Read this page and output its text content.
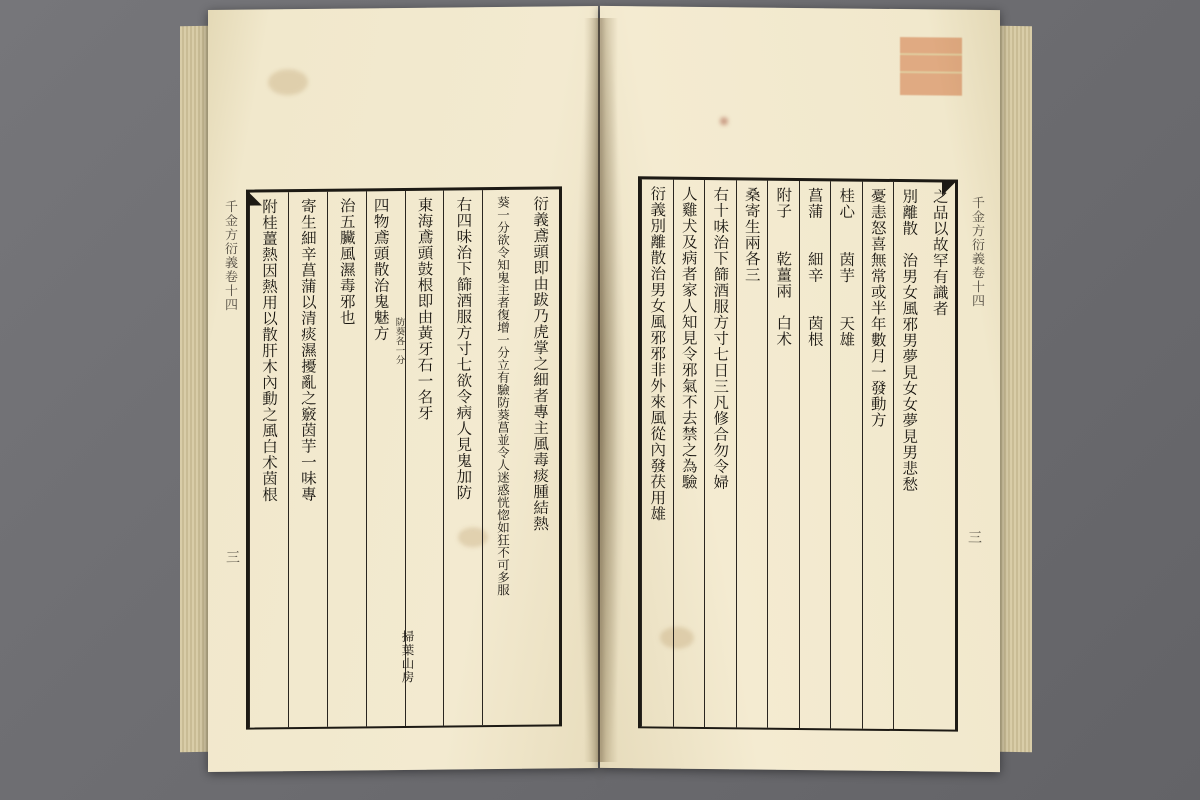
千金方衍義卷十四
三
衍義鳶頭即由跋乃虎掌之細者專主風毒痰腫結熱
葵一分欲令知鬼主者復增一分立有驗防葵菖並令人迷惑恍惚如狂不可多服
右四味治下篩酒服方寸七欲令病人見鬼加防
東海鳶頭鼓根即由黃牙石一名牙
四物鳶頭散治鬼魅方 防葵各一分
治五臟風濕毒邪也
寄生細辛菖蒲以清痰濕擾亂之竅茵芋一味專
附桂薑熱因熱用以散肝木內動之風白术茵根
掃葉山房
千金方衍義卷十四
三
之品以故罕有識者
別離散　治男女風邪男夢見女女夢見男悲愁
憂恚怒喜無常或半年數月一發動方
桂心　　茵芋　　天雄
菖蒲　　細辛　　茵根
附子　　乾薑兩　白术
桑寄生兩各三
右十味治下篩酒服方寸七日三凡修合勿令婦
人雞犬及病者家人知見令邪氣不去禁之為驗
衍義別離散治男女風邪邪非外來風從內發茯用雄
